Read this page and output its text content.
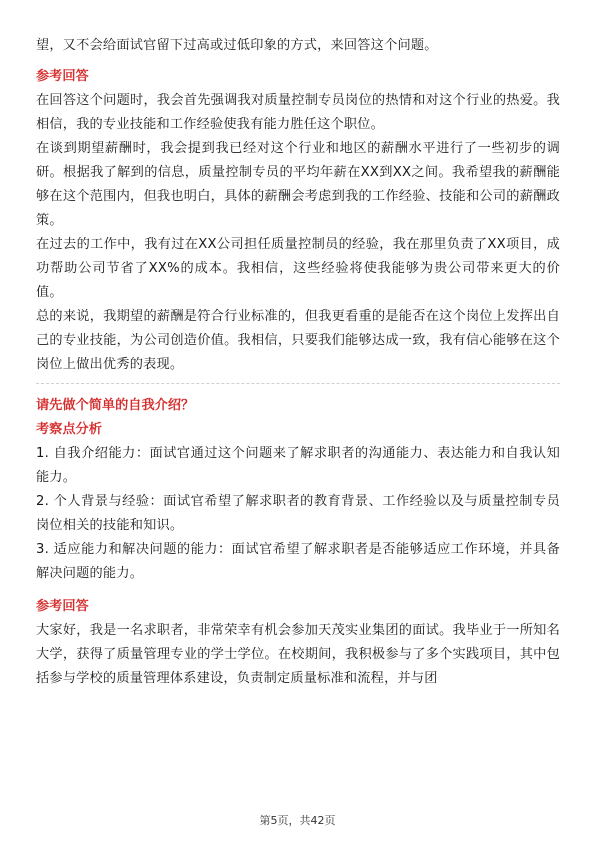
望，又不会给面试官留下过高或过低印象的方式，来回答这个问题。

参考回答

在回答这个问题时，我会首先强调我对质量控制专员岗位的热情和对这个行业的热爱。我相信，我的专业技能和工作经验使我有能力胜任这个职位。

在谈到期望薪酬时，我会提到我已经对这个行业和地区的薪酬水平进行了一些初步的调研。根据我了解到的信息，质量控制专员的平均年薪在XX到XX之间。我希望我的薪酬能够在这个范围内，但我也明白，具体的薪酬会考虑到我的工作经验、技能和公司的薪酬政策。

在过去的工作中，我有过在XX公司担任质量控制员的经验，我在那里负责了XX项目，成功帮助公司节省了XX%的成本。我相信，这些经验将使我能够为贵公司带来更大的价值。

总的来说，我期望的薪酬是符合行业标准的，但我更看重的是能否在这个岗位上发挥出自己的专业技能，为公司创造价值。我相信，只要我们能够达成一致，我有信心能够在这个岗位上做出优秀的表现。

请先做个简单的自我介绍？
考察点分析

1. 自我介绍能力：面试官通过这个问题来了解求职者的沟通能力、表达能力和自我认知能力。

2. 个人背景与经验：面试官希望了解求职者的教育背景、工作经验以及与质量控制专员岗位相关的技能和知识。

3. 适应能力和解决问题的能力：面试官希望了解求职者是否能够适应工作环境，并具备解决问题的能力。

参考回答

大家好，我是一名求职者，非常荣幸有机会参加天茂实业集团的面试。我毕业于一所知名大学，获得了质量管理专业的学士学位。在校期间，我积极参与了多个实践项目，其中包括参与学校的质量管理体系建设，负责制定质量标准和流程，并与团

第5页，共42页
